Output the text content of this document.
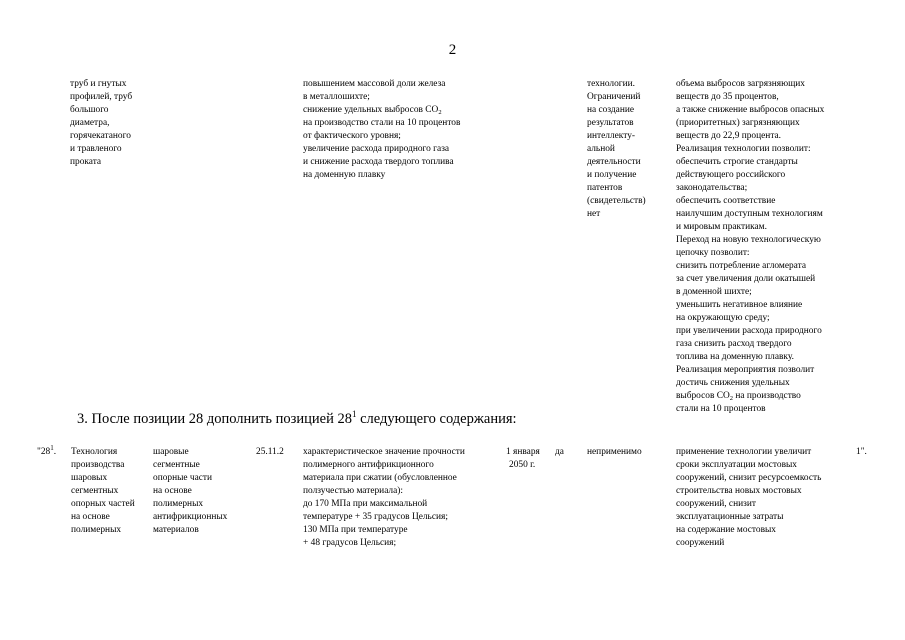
2
труб и гнутых
профилей, труб
большого
диаметра,
горячекатаного
и травленого
проката
повышением массовой доли железа
в металлошихте;
снижение удельных выбросов $CO_2$
на производство стали на 10 процентов
от фактического уровня;
увеличение расхода природного газа
и снижение расхода твердого топлива
на доменную плавку
технологии.
Ограничений
на создание
результатов
интеллекту-
альной
деятельности
и получение
патентов
(свидетельств)
нет
объема выбросов загрязняющих
веществ до 35 процентов,
а также снижение выбросов опасных
(приоритетных) загрязняющих
веществ до 22,9 процента.
Реализация технологии позволит:
обеспечить строгие стандарты
действующего российского
законодательства;
обеспечить соответствие
наилучшим доступным технологиям
и мировым практикам.
Переход на новую технологическую
цепочку позволит:
снизить потребление агломерата
за счет увеличения доли окатышей
в доменной шихте;
уменьшить негативное влияние
на окружающую среду;
при увеличении расхода природного
газа снизить расход твердого
топлива на доменную плавку.
Реализация мероприятия позволит
достичь снижения удельных
выбросов $CO_2$ на производство
стали на 10 процентов
3. После позиции 28 дополнить позицией $28^1$ следующего содержания:
"$28^1$. Технология
производства
шаровых
сегментных
опорных частей
на основе
полимерных
шаровые
сегментные
опорные части
на основе
полимерных
антифрикционных
материалов
25.11.2 характеристическое значение прочности
полимерного антифрикционного
материала при сжатии (обусловленное
ползучестью материала):
до 170 МПа при максимальной
температуре + 35 градусов Цельсия;
130 МПа при температуре
+ 48 градусов Цельсия;
1 января да
2050 г.
неприменимо	применение технологии увеличит
сроки эксплуатации мостовых
сооружений, снизит ресурсоемкость
строительства новых мостовых
сооружений, снизит
эксплуатационные затраты
на содержание мостовых
сооружений
1".
